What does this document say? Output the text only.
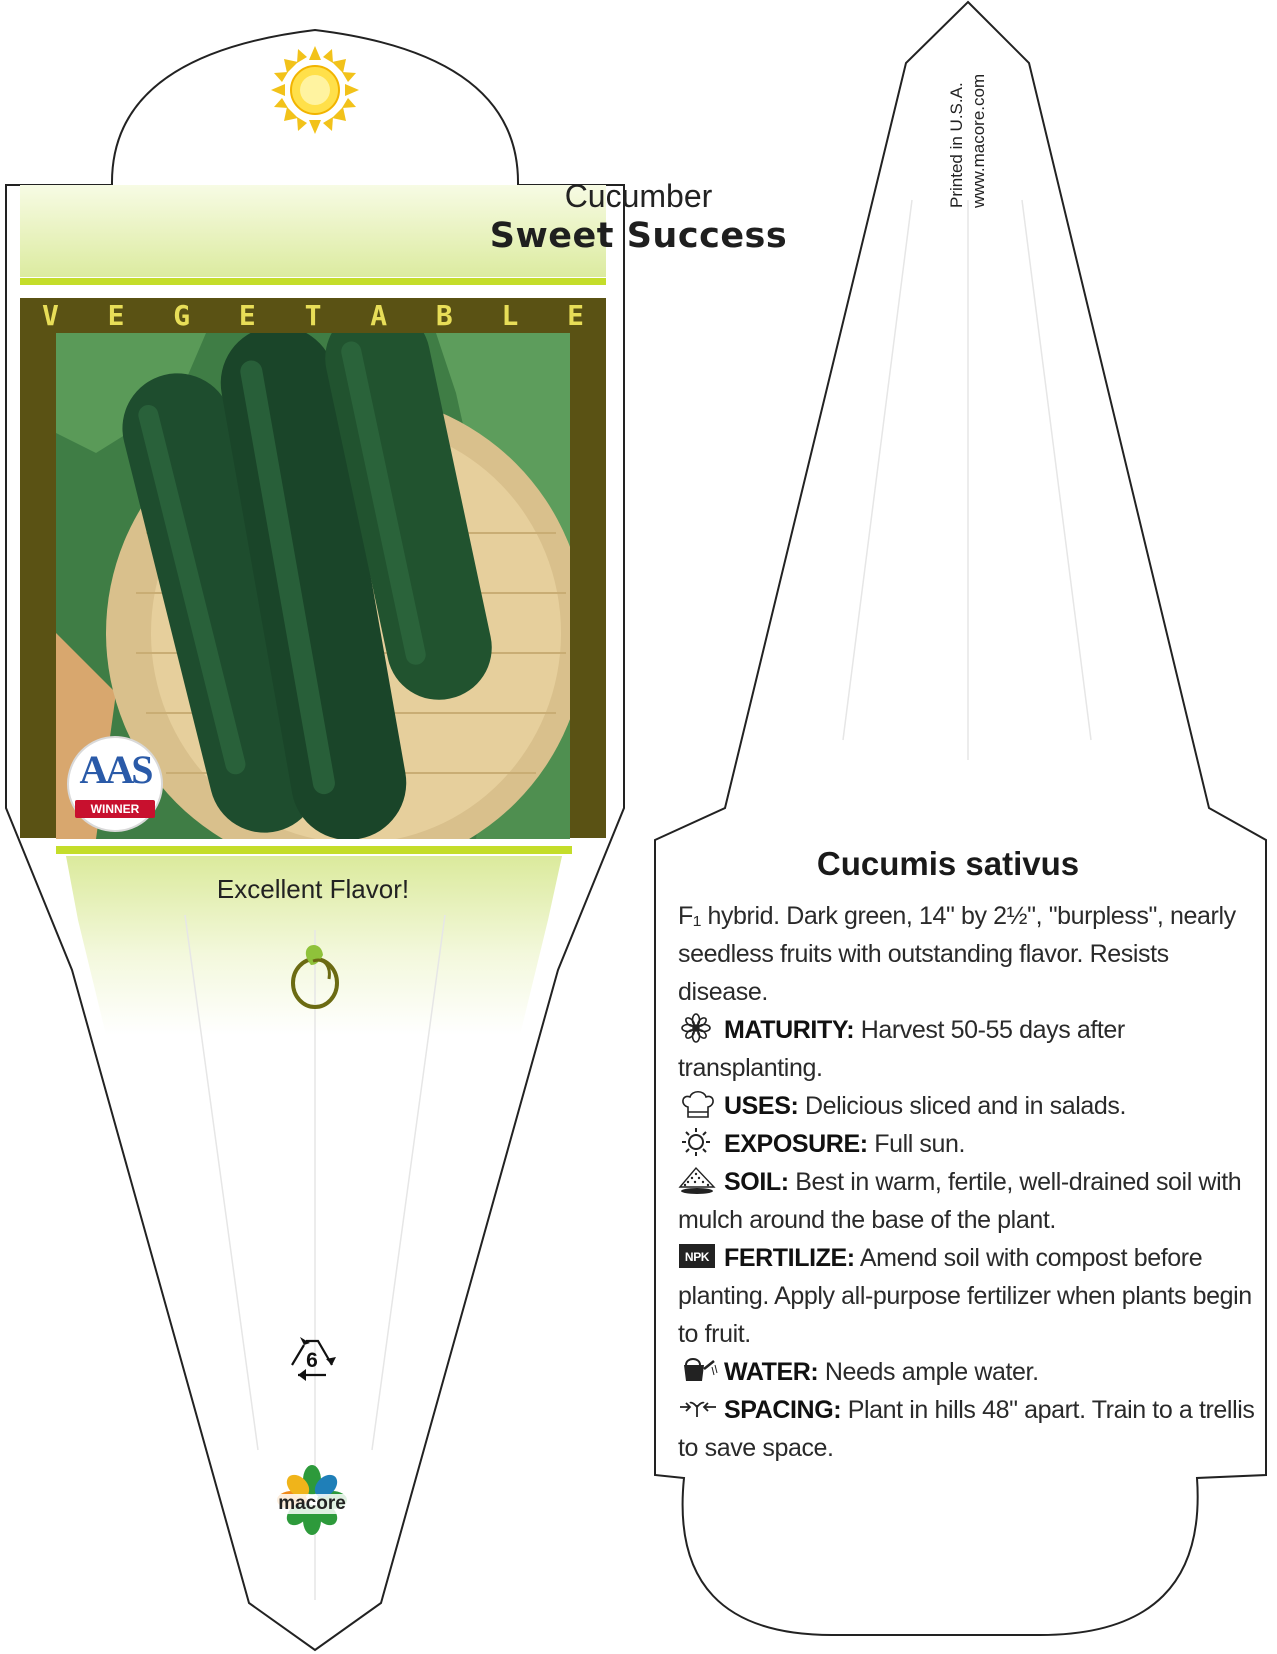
Cucumber
Sweet Success
V E G E T A B L E
AAS
WINNER
Excellent Flavor!
6
macore
Printed in U.S.A. www.macore.com
Cucumis sativus
F₁ hybrid. Dark green, 14" by 2½", "burpless", nearly seedless fruits with outstanding flavor. Resists disease.
MATURITY: Harvest 50-55 days after transplanting.
USES: Delicious sliced and in salads.
EXPOSURE: Full sun.
SOIL: Best in warm, fertile, well-drained soil with mulch around the base of the plant.
NPK FERTILIZE: Amend soil with compost before planting. Apply all-purpose fertilizer when plants begin to fruit.
WATER: Needs ample water.
SPACING: Plant in hills 48" apart. Train to a trellis to save space.
